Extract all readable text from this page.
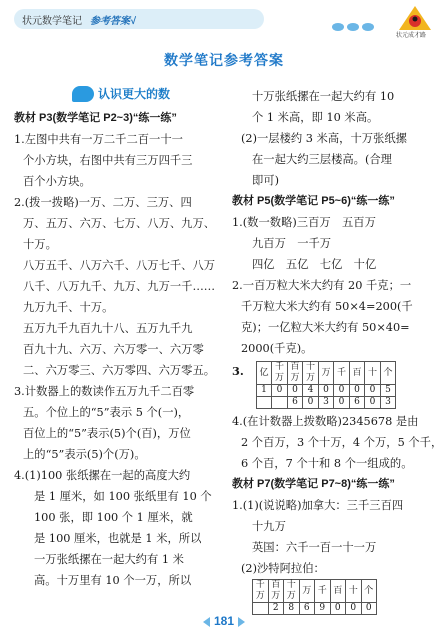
状元数学笔记 参考答案√
状元成才路
数学笔记参考答案
认识更大的数
教材 P3(数学笔记 P2~3)“练一练”
1.左图中共有一万二千二百一十一
个小方块，右图中共有三万四千三
百个小方块。
2.(拨一拨略)一万、二万、三万、四
万、五万、六万、七万、八万、九万、
十万。
八万五千、八万六千、八万七千、八万
八千、八万九千、九万、九万一千……
九万九千、十万。
五万九千九百九十八、五万九千九
百九十九、六万、六万零一、六万零
二、六万零三、六万零四、六万零五。
3.计数器上的数读作五万九千二百零
五。个位上的“5”表示 5 个(一)，
百位上的“5”表示(5)个(百)，万位
上的“5”表示(5)个(万)。
4.(1)100 张纸摞在一起的高度大约
是 1 厘米，如 100 张纸里有 10 个
100 张，即 100 个 1 厘米，就
是 100 厘米，也就是 1 米，所以
一万张纸摞在一起大约有 1 米
高。十万里有 10 个一万，所以
十万张纸摞在一起大约有 10
个 1 米高，即 10 米高。
(2)一层楼约 3 米高，十万张纸摞
在一起大约三层楼高。(合理
即可)
教材 P5(数学笔记 P5~6)“练一练”
1.(数一数略)三百万　五百万
九百万　一千万
四亿　五亿　七亿　十亿
2.一百万粒大米大约有 20 千克；一
千万粒大米大约有 50×4=200(千
克)；一亿粒大米大约有 50×40=
2000(千克)。
3. 亿	千万	百万	十万	万	千	百	十	个
1	0	0	4	0	0	0	0	5
		6	0	3	0	6	0	3
4.(在计数器上拨数略)2345678 是由
2 个百万，3 个十万，4 个万，5 个千，
6 个百，7 个十和 8 个一组成的。
教材 P7(数学笔记 P7~8)“练一练”
1.(1)(说说略)加拿大：三千三百四
十九万
英国：六千一百一十一万
(2)沙特阿拉伯：
千万	百万	十万	万	千	百	十	个
	2	8	6	9	0	0	0
181
